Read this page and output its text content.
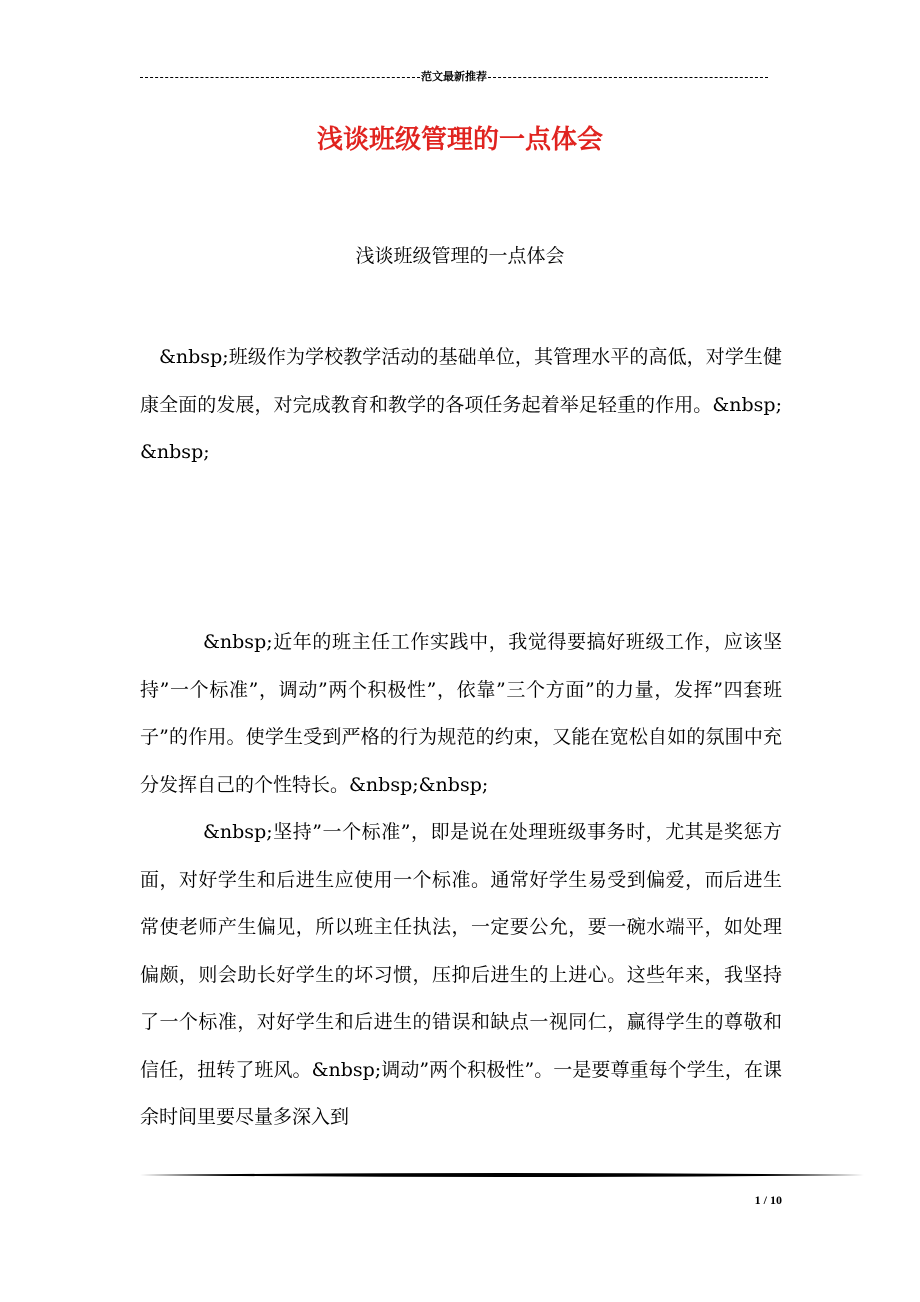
范文最新推荐
浅谈班级管理的一点体会
浅谈班级管理的一点体会

&nbsp;班级作为学校教学活动的基础单位，其管理水平的高低，对学生健康全面的发展，对完成教育和教学的各项任务起着举足轻重的作用。&nbsp;&nbsp;

&nbsp;近年的班主任工作实践中，我觉得要搞好班级工作，应该坚持”一个标准”，调动”两个积极性”，依靠”三个方面”的力量，发挥”四套班子”的作用。使学生受到严格的行为规范的约束，又能在宽松自如的氛围中充分发挥自己的个性特长。&nbsp;&nbsp;

&nbsp;坚持”一个标准”，即是说在处理班级事务时，尤其是奖惩方面，对好学生和后进生应使用一个标准。通常好学生易受到偏爱，而后进生常使老师产生偏见，所以班主任执法，一定要公允，要一碗水端平，如处理偏颇，则会助长好学生的坏习惯，压抑后进生的上进心。这些年来，我坚持了一个标准，对好学生和后进生的错误和缺点一视同仁，赢得学生的尊敬和信任，扭转了班风。&nbsp;调动”两个积极性”。一是要尊重每个学生，在课余时间里要尽量多深入到

1 / 10
